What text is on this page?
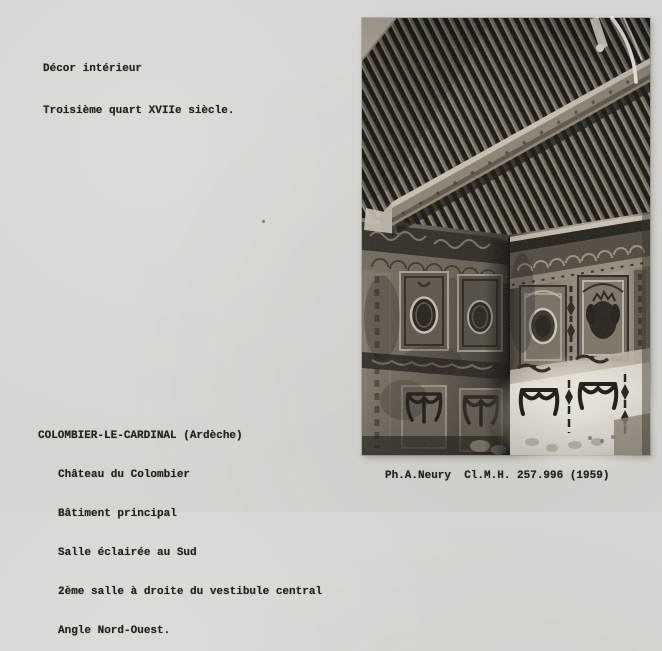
Décor intérieur

Troisième quart XVIIe siècle.

COLOMBIER-LE-CARDINAL (Ardèche)

Château du Colombier

Bâtiment principal

Salle éclairée au Sud

2ème salle à droite du vestibule central

Angle Nord-Ouest.

Ph.A.Neury  Cl.M.H. 257.996 (1959)
